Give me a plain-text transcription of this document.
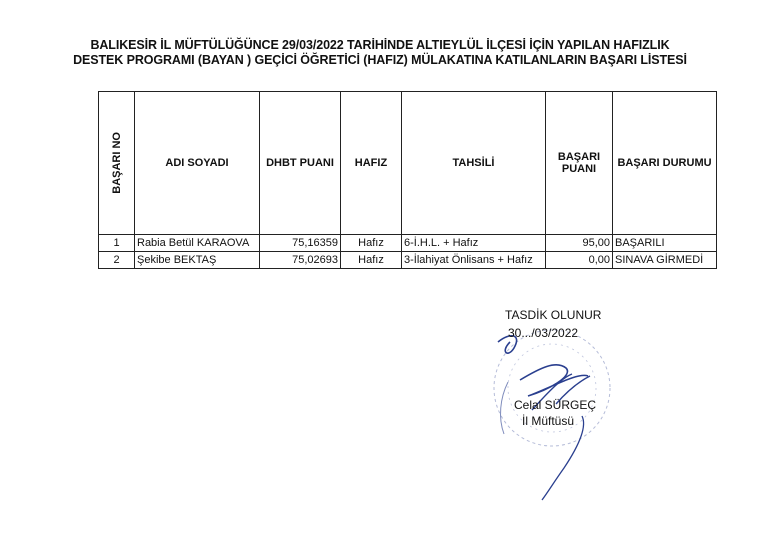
BALIKESİR İL MÜFTÜLÜĞÜNCE 29/03/2022 TARİHİNDE ALTIEYLÜL İLÇESİ İÇİN YAPILAN HAFIZLIK
DESTEK PROGRAMI (BAYAN ) GEÇİCİ ÖĞRETİCİ (HAFIZ) MÜLAKATINA KATILANLARIN BAŞARI LİSTESİ
BAŞARI NO	ADI SOYADI	DHBT PUANI	HAFIZ	TAHSİLİ	BAŞARI PUANI	BAŞARI DURUMU
1	Rabia Betül KARAOVA	75,16359	Hafız	6-İ.H.L. + Hafız	95,00	BAŞARILI
2	Şekibe BEKTAŞ	75,02693	Hafız	3-İlahiyat Önlisans + Hafız	0,00	SINAVA GİRMEDİ
TASDİK OLUNUR
30.../03/2022
Celal SÜRGEÇ
İl Müftüsü
